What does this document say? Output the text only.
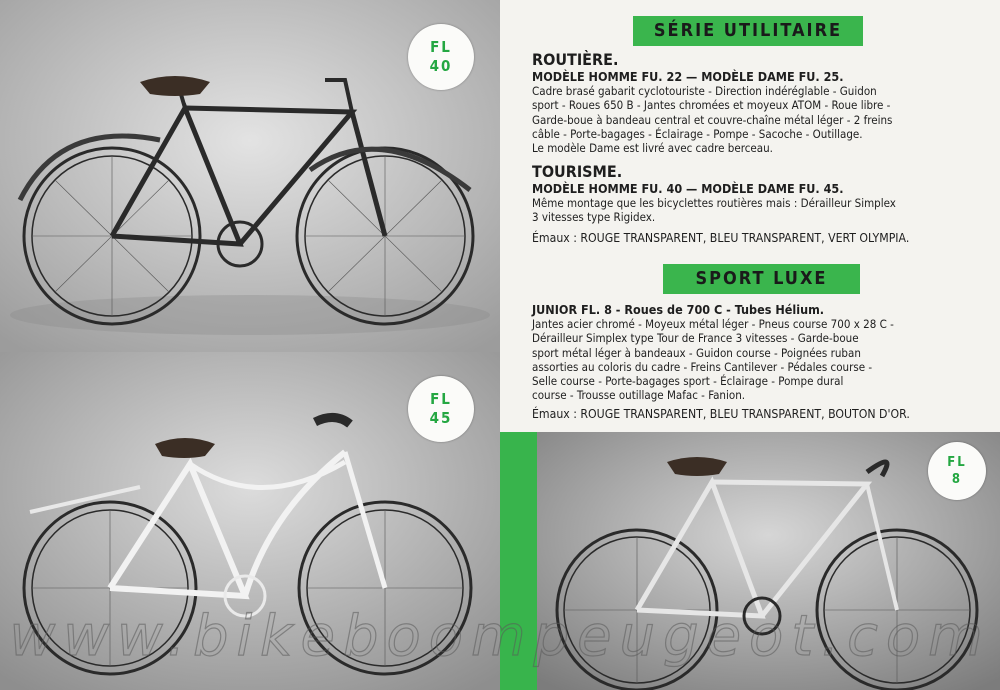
FL
40
FL
45
FL
8
SÉRIE UTILITAIRE
SPORT LUXE

ROUTIÈRE.

MODÈLE HOMME FU. 22 — MODÈLE DAME FU. 25.

Cadre brasé gabarit cyclotouriste - Direction indéréglable - Guidon

sport - Roues 650 B - Jantes chromées et moyeux ATOM - Roue libre -

Garde-boue à bandeau central et couvre-chaîne métal léger - 2 freins

câble - Porte-bagages - Éclairage - Pompe - Sacoche - Outillage.

Le modèle Dame est livré avec cadre berceau.

TOURISME.

MODÈLE HOMME FU. 40 — MODÈLE DAME FU. 45.

Même montage que les bicyclettes routières mais : Dérailleur Simplex

3 vitesses type Rigidex.

Émaux : ROUGE TRANSPARENT, BLEU TRANSPARENT, VERT OLYMPIA.

JUNIOR FL. 8 - Roues de 700 C - Tubes Hélium.

Jantes acier chromé - Moyeux métal léger - Pneus course 700 x 28 C -

Dérailleur Simplex type Tour de France 3 vitesses - Garde-boue

sport métal léger à bandeaux - Guidon course - Poignées ruban

assorties au coloris du cadre - Freins Cantilever - Pédales course -

Selle course - Porte-bagages sport - Éclairage - Pompe dural

course - Trousse outillage Mafac - Fanion.

Émaux : ROUGE TRANSPARENT, BLEU TRANSPARENT, BOUTON D'OR.

www.bikeboompeugeot.com
